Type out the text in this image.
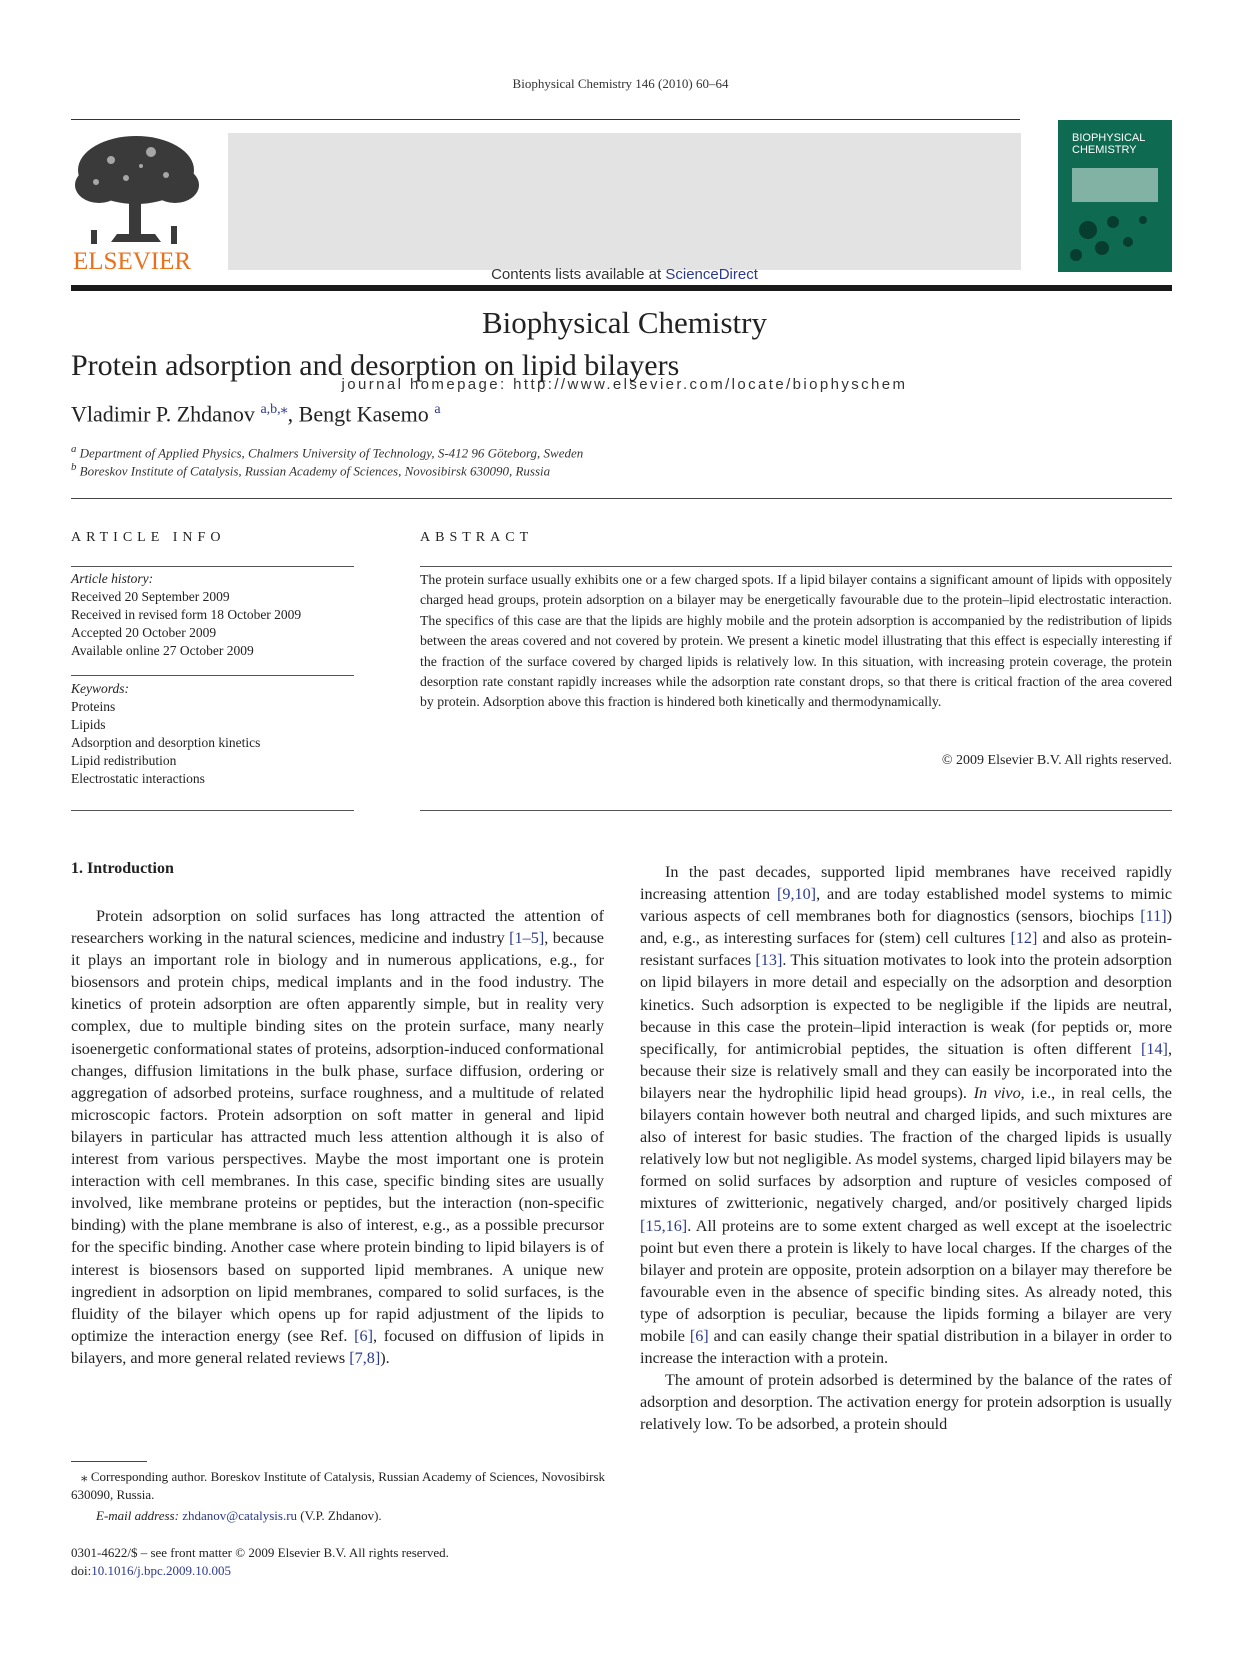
Biophysical Chemistry 146 (2010) 60–64
ELSEVIER	Contents lists available at ScienceDirect
Biophysical Chemistry
journal homepage: http://www.elsevier.com/locate/biophyschem
BIOPHYSICAL CHEMISTRY
Protein adsorption and desorption on lipid bilayers
Vladimir P. Zhdanov $^{a,b,⁎}$, Bengt Kasemo $^a$
$^a$ Department of Applied Physics, Chalmers University of Technology, S-412 96 Göteborg, Sweden
$^b$ Boreskov Institute of Catalysis, Russian Academy of Sciences, Novosibirsk 630090, Russia
ARTICLE INFO	ABSTRACT
Article history:
Received 20 September 2009
Received in revised form 18 October 2009
Accepted 20 October 2009
Available online 27 October 2009
Keywords:
Proteins
Lipids
Adsorption and desorption kinetics
Lipid redistribution
Electrostatic interactions
The protein surface usually exhibits one or a few charged spots. If a lipid bilayer contains a significant amount of lipids with oppositely charged head groups, protein adsorption on a bilayer may be energetically favourable due to the protein–lipid electrostatic interaction. The specifics of this case are that the lipids are highly mobile and the protein adsorption is accompanied by the redistribution of lipids between the areas covered and not covered by protein. We present a kinetic model illustrating that this effect is especially interesting if the fraction of the surface covered by charged lipids is relatively low. In this situation, with increasing protein coverage, the protein desorption rate constant rapidly increases while the adsorption rate constant drops, so that there is critical fraction of the area covered by protein. Adsorption above this fraction is hindered both kinetically and thermodynamically.
© 2009 Elsevier B.V. All rights reserved.
1. Introduction

Protein adsorption on solid surfaces has long attracted the attention of researchers working in the natural sciences, medicine and industry [1–5], because it plays an important role in biology and in numerous applications, e.g., for biosensors and protein chips, medical implants and in the food industry. The kinetics of protein adsorption are often apparently simple, but in reality very complex, due to multiple binding sites on the protein surface, many nearly isoenergetic conformational states of proteins, adsorption-induced conformational changes, diffusion limitations in the bulk phase, surface diffusion, ordering or aggregation of adsorbed proteins, surface roughness, and a multitude of related microscopic factors. Protein adsorption on soft matter in general and lipid bilayers in particular has attracted much less attention although it is also of interest from various perspectives. Maybe the most important one is protein interaction with cell membranes. In this case, specific binding sites are usually involved, like membrane proteins or peptides, but the interaction (non-specific binding) with the plane membrane is also of interest, e.g., as a possible precursor for the specific binding. Another case where protein binding to lipid bilayers is of interest is biosensors based on supported lipid membranes. A unique new ingredient in adsorption on lipid membranes, compared to solid surfaces, is the fluidity of the bilayer which opens up for rapid adjustment of the lipids to optimize the interaction energy (see Ref. [6], focused on diffusion of lipids in bilayers, and more general related reviews [7,8]).

In the past decades, supported lipid membranes have received rapidly increasing attention [9,10], and are today established model systems to mimic various aspects of cell membranes both for diagnostics (sensors, biochips [11]) and, e.g., as interesting surfaces for (stem) cell cultures [12] and also as protein-resistant surfaces [13]. This situation motivates to look into the protein adsorption on lipid bilayers in more detail and especially on the adsorption and desorption kinetics. Such adsorption is expected to be negligible if the lipids are neutral, because in this case the protein–lipid interaction is weak (for peptids or, more specifically, for antimicrobial peptides, the situation is often different [14], because their size is relatively small and they can easily be incorporated into the bilayers near the hydrophilic lipid head groups). In vivo, i.e., in real cells, the bilayers contain however both neutral and charged lipids, and such mixtures are also of interest for basic studies. The fraction of the charged lipids is usually relatively low but not negligible. As model systems, charged lipid bilayers may be formed on solid surfaces by adsorption and rupture of vesicles composed of mixtures of zwitterionic, negatively charged, and/or positively charged lipids [15,16]. All proteins are to some extent charged as well except at the isoelectric point but even there a protein is likely to have local charges. If the charges of the bilayer and protein are opposite, protein adsorption on a bilayer may therefore be favourable even in the absence of specific binding sites. As already noted, this type of adsorption is peculiar, because the lipids forming a bilayer are very mobile [6] and can easily change their spatial distribution in a bilayer in order to increase the interaction with a protein.

The amount of protein adsorbed is determined by the balance of the rates of adsorption and desorption. The activation energy for protein adsorption is usually relatively low. To be adsorbed, a protein should

⁎ Corresponding author. Boreskov Institute of Catalysis, Russian Academy of Sciences, Novosibirsk 630090, Russia.
E-mail address: zhdanov@catalysis.ru (V.P. Zhdanov).
0301-4622/$ – see front matter © 2009 Elsevier B.V. All rights reserved.
doi:10.1016/j.bpc.2009.10.005
